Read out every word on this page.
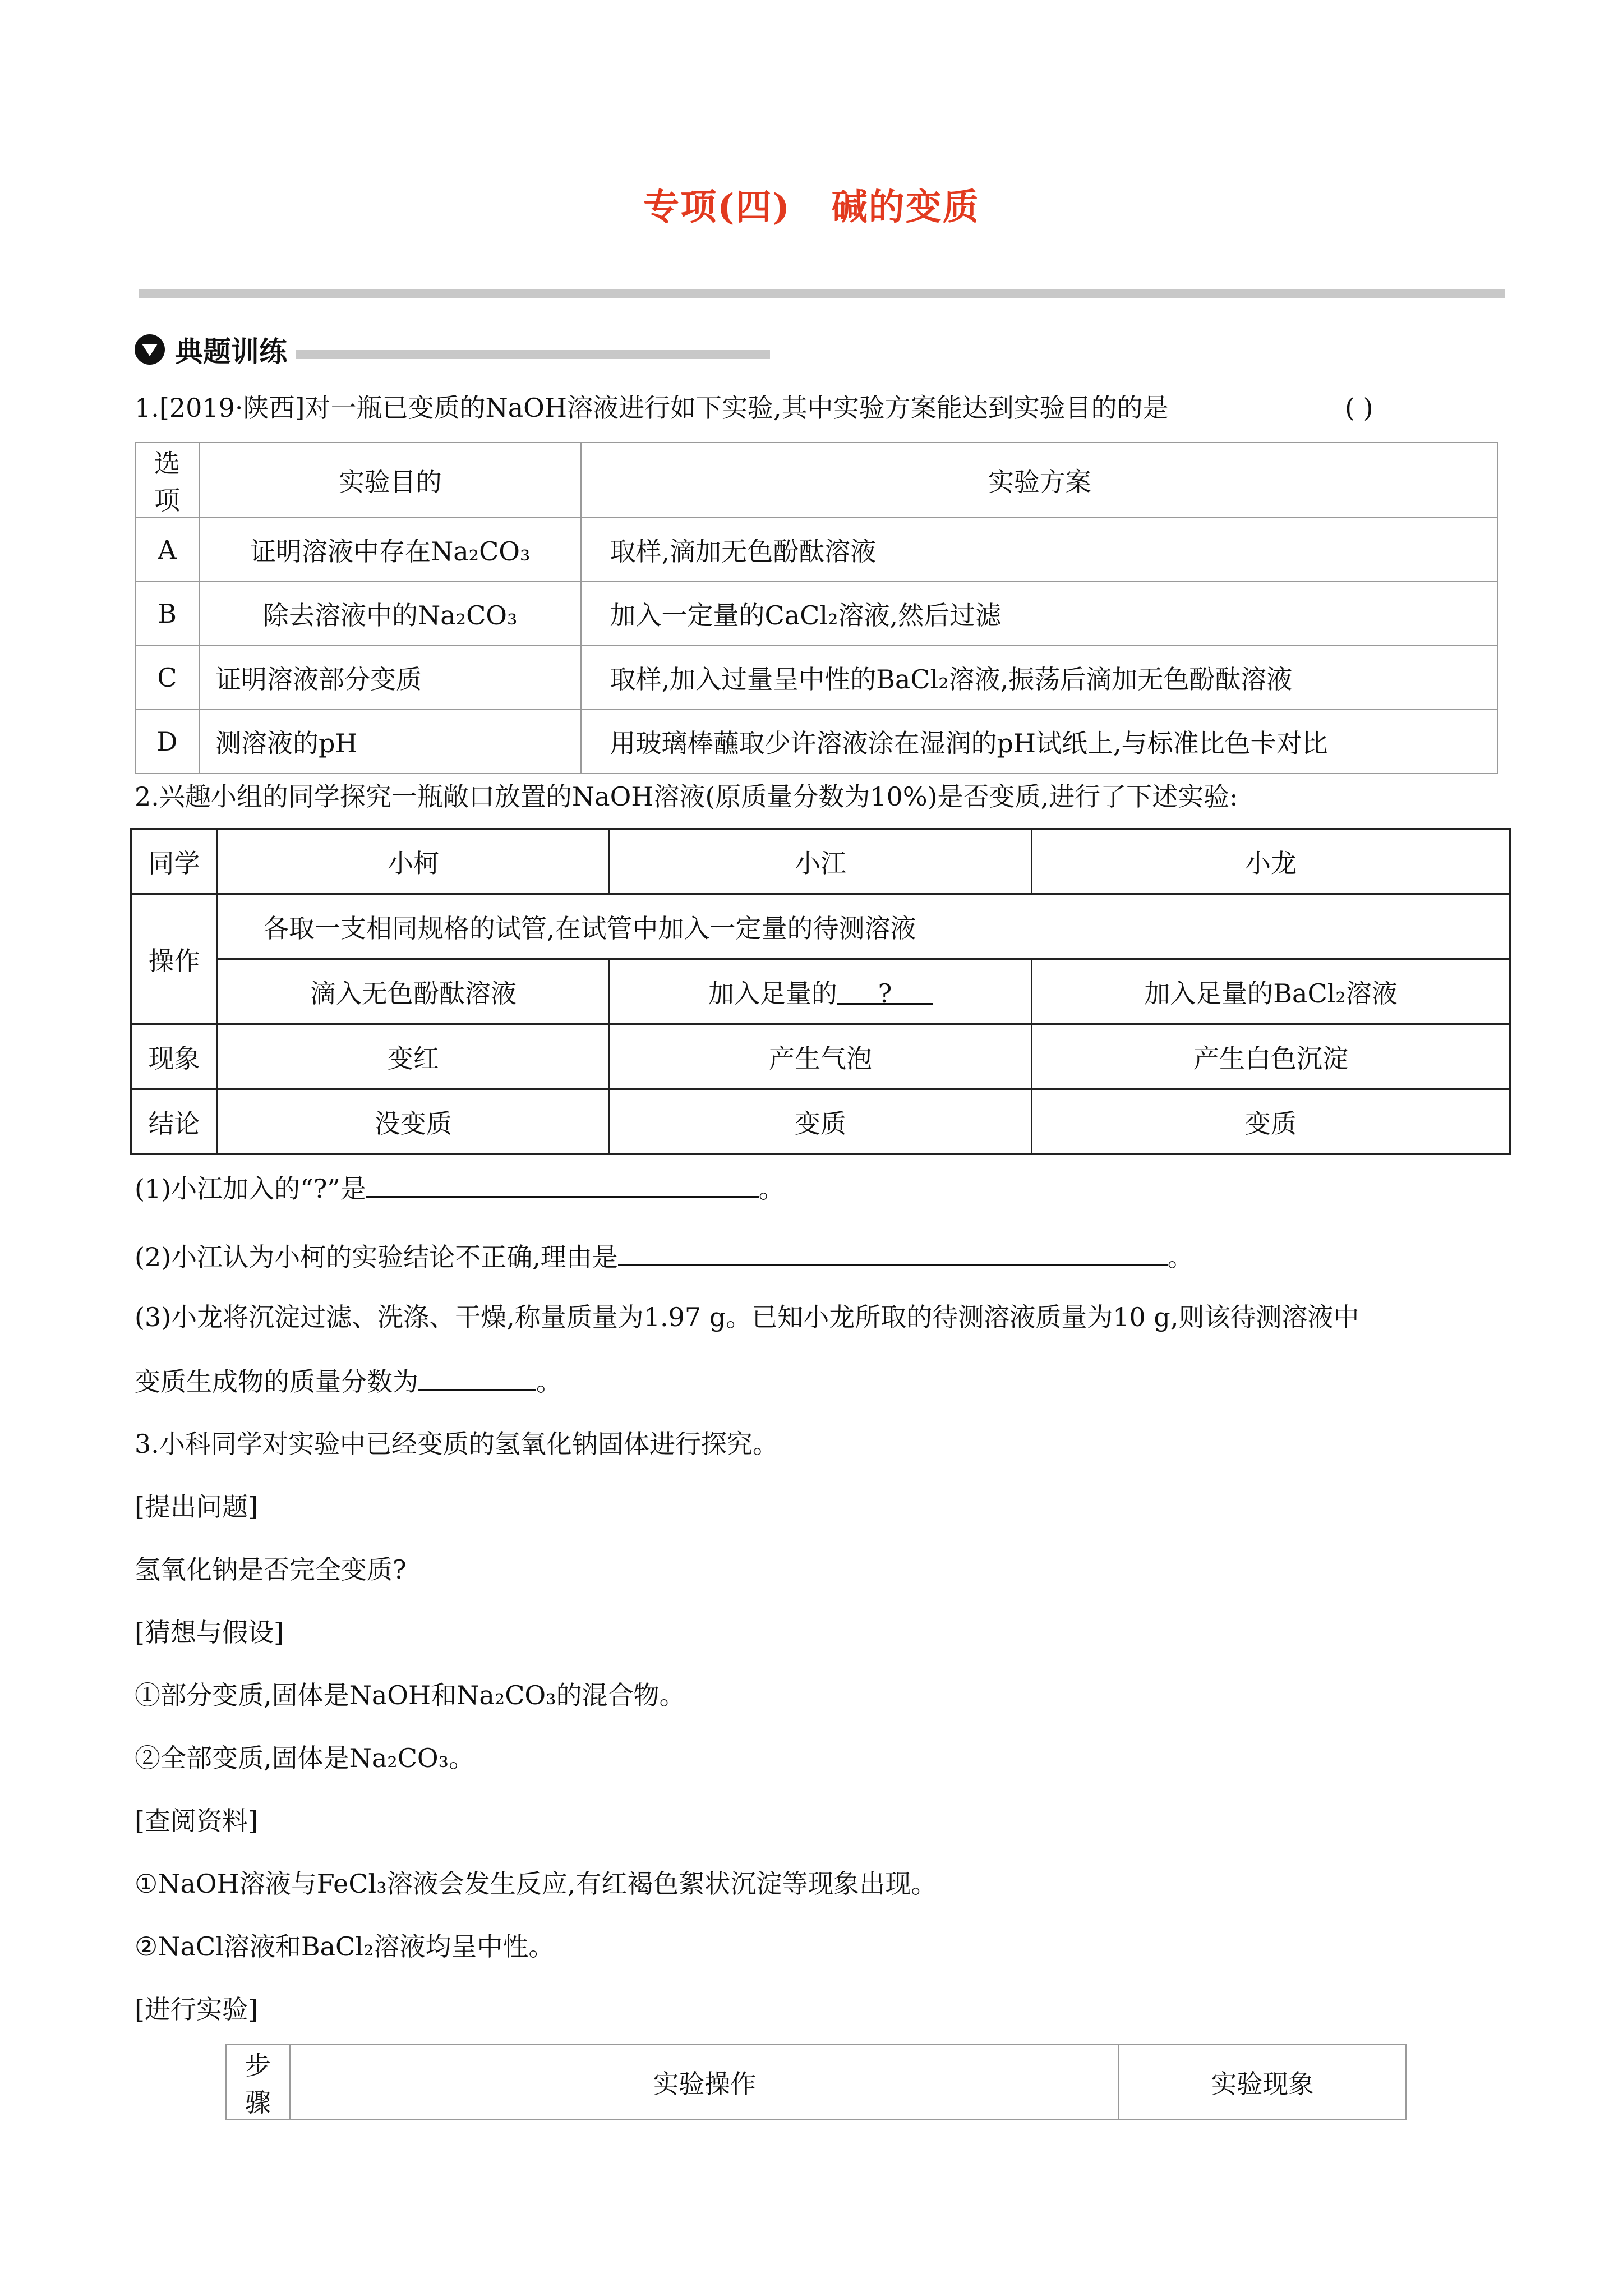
专项(四)   碱的变质
典题训练
1.[2019·陕西]对一瓶已变质的NaOH溶液进行如下实验,其中实验方案能达到实验目的的是	( )
选项	实验目的	实验方案
A	证明溶液中存在Na₂CO₃	取样,滴加无色酚酞溶液
B	除去溶液中的Na₂CO₃	加入一定量的CaCl₂溶液,然后过滤
C	证明溶液部分变质	取样,加入过量呈中性的BaCl₂溶液,振荡后滴加无色酚酞溶液
D	测溶液的pH	用玻璃棒蘸取少许溶液涂在湿润的pH试纸上,与标准比色卡对比
2.兴趣小组的同学探究一瓶敞口放置的NaOH溶液(原质量分数为10%)是否变质,进行了下述实验:
同学	小柯	小江	小龙
操作	各取一支相同规格的试管,在试管中加入一定量的待测溶液		
	滴入无色酚酞溶液	加入足量的 ?	加入足量的BaCl₂溶液
现象	变红	产生气泡	产生白色沉淀
结论	没变质	变质	变质
(1)小江加入的“?”是	。
(2)小江认为小柯的实验结论不正确,理由是	。
(3)小龙将沉淀过滤、洗涤、干燥,称量质量为1.97 g。已知小龙所取的待测溶液质量为10 g,则该待测溶液中
变质生成物的质量分数为	。
3.小科同学对实验中已经变质的氢氧化钠固体进行探究。
[提出问题]
氢氧化钠是否完全变质?
[猜想与假设]
①部分变质,固体是NaOH和Na₂CO₃的混合物。
②全部变质,固体是Na₂CO₃。
[查阅资料]
①NaOH溶液与FeCl₃溶液会发生反应,有红褐色絮状沉淀等现象出现。
②NaCl溶液和BaCl₂溶液均呈中性。
[进行实验]
步骤	实验操作	实验现象
